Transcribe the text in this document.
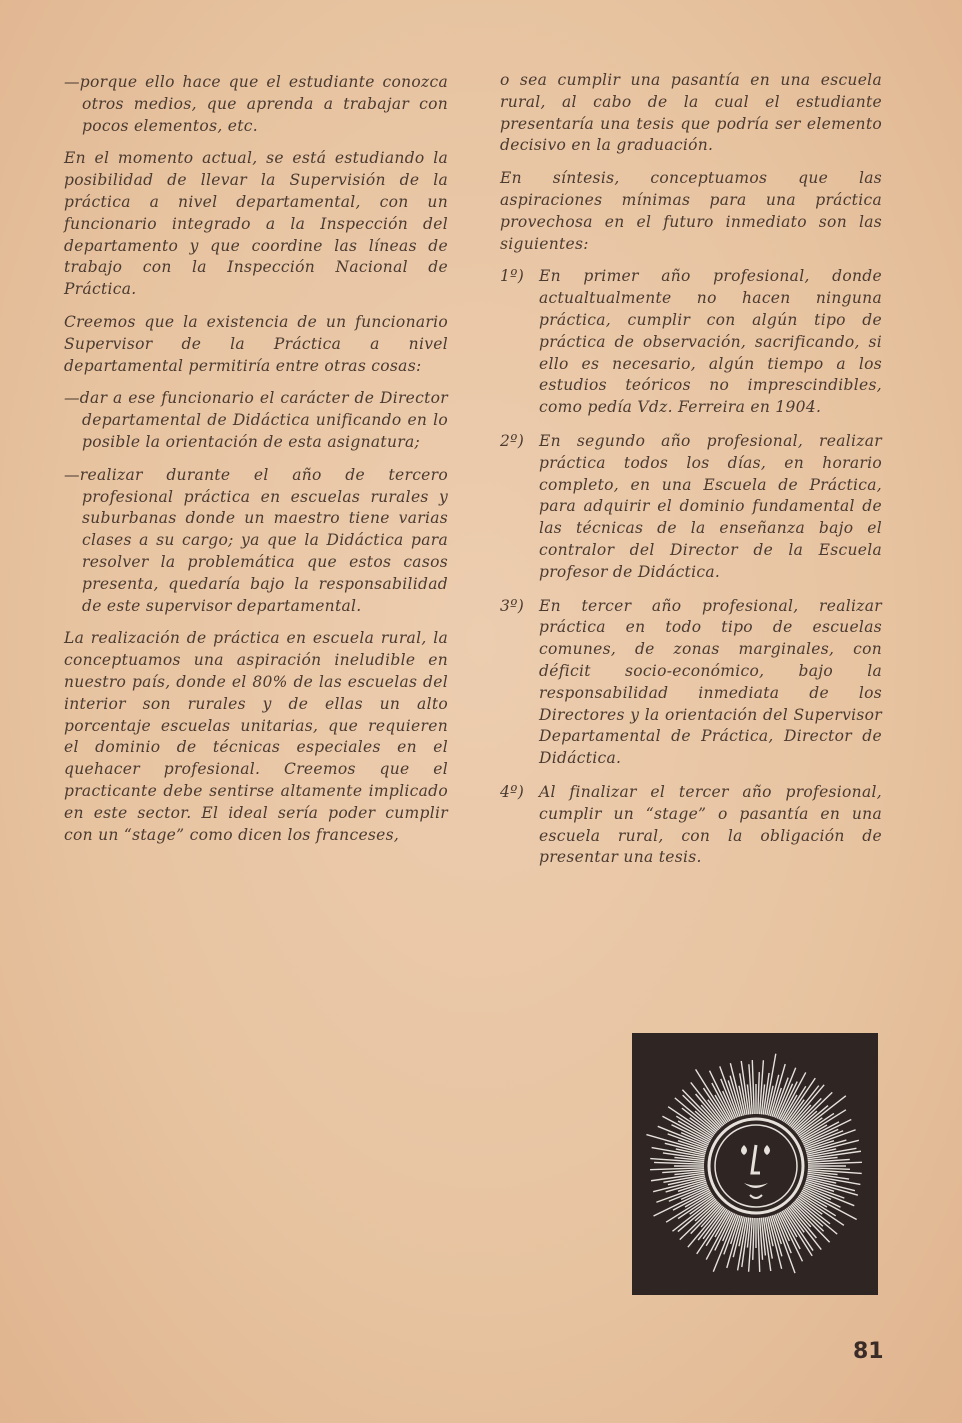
—porque ello hace que el estudiante conozca otros medios, que aprenda a trabajar con pocos elementos, etc.

En el momento actual, se está estudiando la posibilidad de llevar la Supervisión de la práctica a nivel departamental, con un funcionario integrado a la Inspección del departamento y que coordine las líneas de trabajo con la Inspección Nacional de Práctica.

Creemos que la existencia de un funcionario Supervisor de la Práctica a nivel departamental permitiría entre otras cosas:

—dar a ese funcionario el carácter de Director departamental de Didáctica unificando en lo posible la orientación de esta asignatura;

—realizar durante el año de tercero profesional práctica en escuelas rurales y suburbanas donde un maestro tiene varias clases a su cargo; ya que la Didáctica para resolver la problemática que estos casos presenta, quedaría bajo la responsabilidad de este supervisor departamental.

La realización de práctica en escuela rural, la conceptuamos una aspiración ineludible en nuestro país, donde el 80% de las escuelas del interior son rurales y de ellas un alto porcentaje escuelas unitarias, que requieren el dominio de técnicas especiales en el quehacer profesional. Creemos que el practicante debe sentirse altamente implicado en este sector. El ideal sería poder cumplir con un “stage” como dicen los franceses,

o sea cumplir una pasantía en una escuela rural, al cabo de la cual el estudiante presentaría una tesis que podría ser elemento decisivo en la graduación.

En síntesis, conceptuamos que las aspiraciones mínimas para una práctica provechosa en el futuro inmediato son las siguientes:

1º) En primer año profesional, donde actualtualmente no hacen ninguna práctica, cumplir con algún tipo de práctica de observación, sacrificando, si ello es necesario, algún tiempo a los estudios teóricos no imprescindibles, como pedía Vdz. Ferreira en 1904.
2º) En segundo año profesional, realizar práctica todos los días, en horario completo, en una Escuela de Práctica, para adquirir el dominio fundamental de las técnicas de la enseñanza bajo el contralor del Director de la Escuela profesor de Didáctica.
3º) En tercer año profesional, realizar práctica en todo tipo de escuelas comunes, de zonas marginales, con déficit socio-económico, bajo la responsabilidad inmediata de los Directores y la orientación del Supervisor Departamental de Práctica, Director de Didáctica.
4º) Al finalizar el tercer año profesional, cumplir un “stage” o pasantía en una escuela rural, con la obligación de presentar una tesis.
81
